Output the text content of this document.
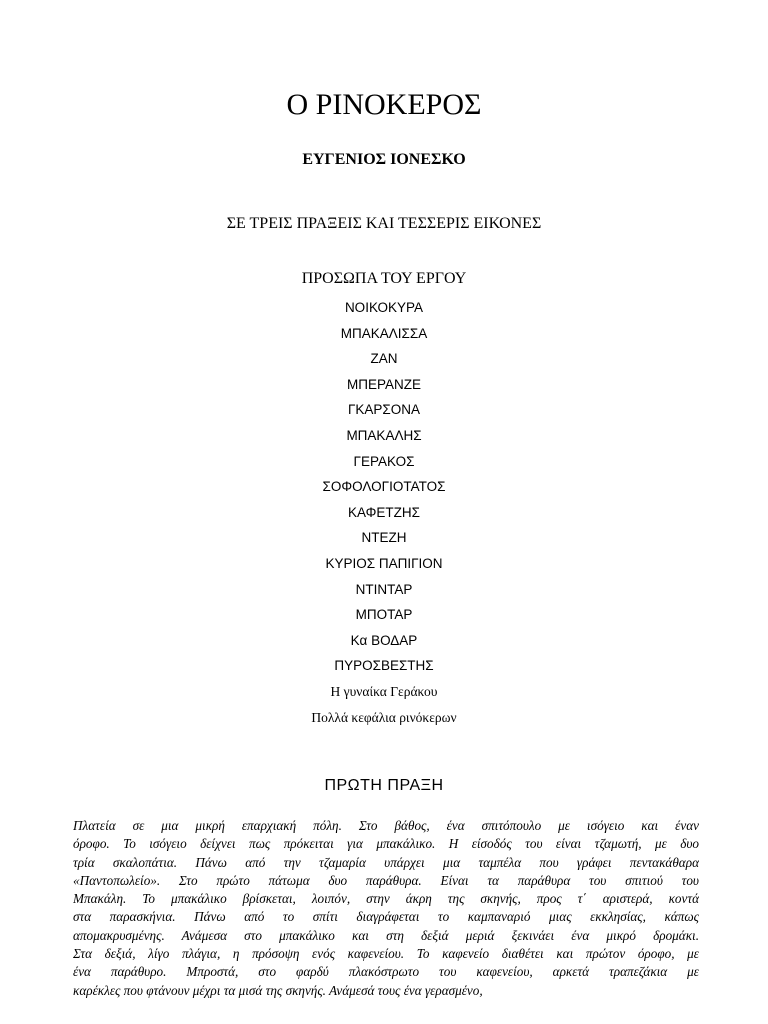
Ο ΡΙΝΟΚΕΡΟΣ
ΕΥΓΕΝΙΟΣ ΙΟΝΕΣΚΟ
ΣΕ ΤΡΕΙΣ ΠΡΑΞΕΙΣ ΚΑΙ ΤΕΣΣΕΡΙΣ ΕΙΚΟΝΕΣ
ΠΡΟΣΩΠΑ ΤΟΥ ΕΡΓΟΥ
ΝΟΙΚΟΚΥΡΑ
ΜΠΑΚΑΛΙΣΣΑ
ΖΑΝ
ΜΠΕΡΑΝΖΕ
ΓΚΑΡΣΟΝΑ
ΜΠΑΚΑΛΗΣ
ΓΕΡΑΚΟΣ
ΣΟΦΟΛΟΓΙΟΤΑΤΟΣ
ΚΑΦΕΤΖΗΣ
ΝΤΕΖΗ
ΚΥΡΙΟΣ ΠΑΠΙΓΙΟΝ
ΝΤΙΝΤΑΡ
ΜΠΟΤΑΡ
Κα ΒΟΔΑΡ
ΠΥΡΟΣΒΕΣΤΗΣ
Η γυναίκα Γεράκου
Πολλά κεφάλια ρινόκερων
ΠΡΩΤΗ ΠΡΑΞΗ
Πλατεία σε μια μικρή επαρχιακή πόλη. Στο βάθος, ένα σπιτόπουλο με ισόγειο και έναν
όροφο. Το ισόγειο δείχνει πως πρόκειται για μπακάλικο. Η είσοδός του είναι τζαμωτή, με δυο
τρία σκαλοπάτια. Πάνω από την τζαμαρία υπάρχει μια ταμπέλα που γράφει πεντακάθαρα
«Παντοπωλείο». Στο πρώτο πάτωμα δυο παράθυρα. Είναι τα παράθυρα του σπιτιού του
Μπακάλη. Το μπακάλικο βρίσκεται, λοιπόν, στην άκρη της σκηνής, προς τ΄ αριστερά, κοντά
στα παρασκήνια. Πάνω από το σπίτι διαγράφεται το καμπαναριό μιας εκκλησίας, κάπως
απομακρυσμένης. Ανάμεσα στο μπακάλικο και στη δεξιά μεριά ξεκινάει ένα μικρό δρομάκι.
Στα δεξιά, λίγο πλάγια, η πρόσοψη ενός καφενείου. Το καφενείο διαθέτει και πρώτον όροφο, με
ένα παράθυρο. Μπροστά, στο φαρδύ πλακόστρωτο του καφενείου, αρκετά τραπεζάκια με
καρέκλες που φτάνουν μέχρι τα μισά της σκηνής. Ανάμεσά τους ένα γερασμένο,
